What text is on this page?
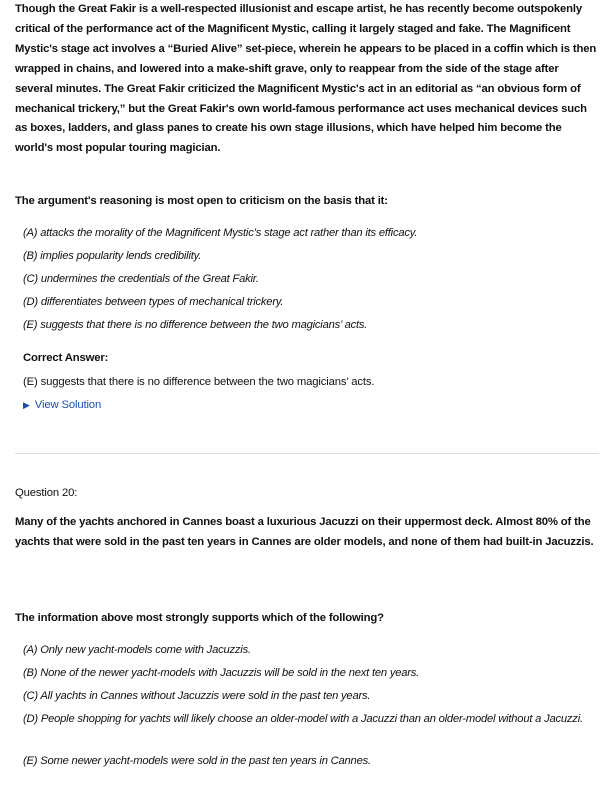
Though the Great Fakir is a well-respected illusionist and escape artist, he has recently become outspokenly critical of the performance act of the Magnificent Mystic, calling it largely staged and fake. The Magnificent Mystic's stage act involves a “Buried Alive” set-piece, wherein he appears to be placed in a coffin which is then wrapped in chains, and lowered into a make-shift grave, only to reappear from the side of the stage after several minutes. The Great Fakir criticized the Magnificent Mystic's act in an editorial as “an obvious form of mechanical trickery,” but the Great Fakir's own world-famous performance act uses mechanical devices such as boxes, ladders, and glass panes to create his own stage illusions, which have helped him become the world's most popular touring magician.
The argument's reasoning is most open to criticism on the basis that it:
(A) attacks the morality of the Magnificent Mystic’s stage act rather than its efficacy.
(B) implies popularity lends credibility.
(C) undermines the credentials of the Great Fakir.
(D) differentiates between types of mechanical trickery.
(E) suggests that there is no difference between the two magicians’ acts.
Correct Answer:
(E) suggests that there is no difference between the two magicians’ acts.
▶ View Solution
Question 20:
Many of the yachts anchored in Cannes boast a luxurious Jacuzzi on their uppermost deck. Almost 80% of the yachts that were sold in the past ten years in Cannes are older models, and none of them had built-in Jacuzzis.
The information above most strongly supports which of the following?
(A) Only new yacht-models come with Jacuzzis.
(B) None of the newer yacht-models with Jacuzzis will be sold in the next ten years.
(C) All yachts in Cannes without Jacuzzis were sold in the past ten years.
(D) People shopping for yachts will likely choose an older-model with a Jacuzzi than an older-model without a Jacuzzi.
(E) Some newer yacht-models were sold in the past ten years in Cannes.
